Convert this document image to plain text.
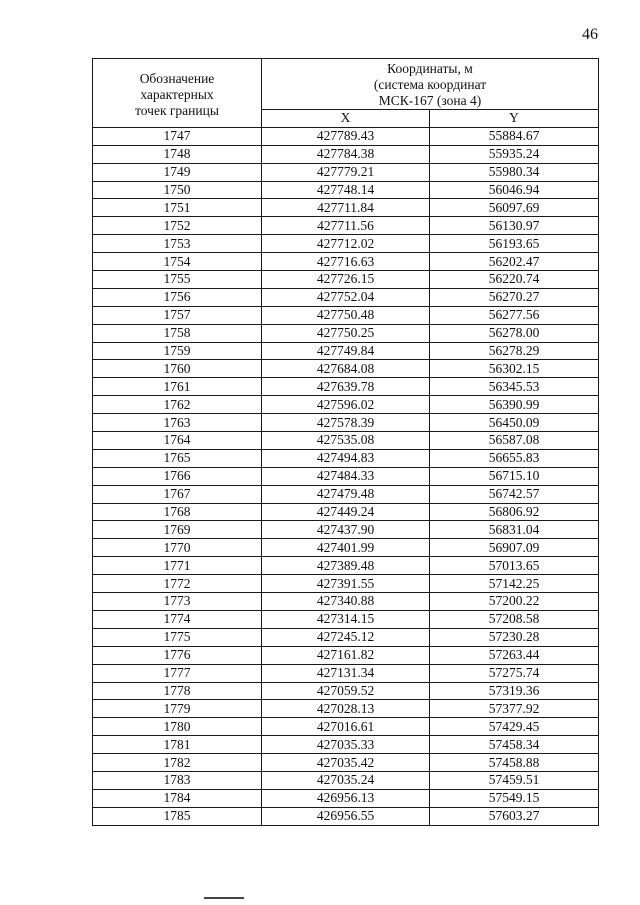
46
Обозначение
характерных
точек границы	Координаты, м
(система координат
МСК-167 (зона 4)	

	X	Y
1747	427789.43	55884.67
1748	427784.38	55935.24
1749	427779.21	55980.34
1750	427748.14	56046.94
1751	427711.84	56097.69
1752	427711.56	56130.97
1753	427712.02	56193.65
1754	427716.63	56202.47
1755	427726.15	56220.74
1756	427752.04	56270.27
1757	427750.48	56277.56
1758	427750.25	56278.00
1759	427749.84	56278.29
1760	427684.08	56302.15
1761	427639.78	56345.53
1762	427596.02	56390.99
1763	427578.39	56450.09
1764	427535.08	56587.08
1765	427494.83	56655.83
1766	427484.33	56715.10
1767	427479.48	56742.57
1768	427449.24	56806.92
1769	427437.90	56831.04
1770	427401.99	56907.09
1771	427389.48	57013.65
1772	427391.55	57142.25
1773	427340.88	57200.22
1774	427314.15	57208.58
1775	427245.12	57230.28
1776	427161.82	57263.44
1777	427131.34	57275.74
1778	427059.52	57319.36
1779	427028.13	57377.92
1780	427016.61	57429.45
1781	427035.33	57458.34
1782	427035.42	57458.88
1783	427035.24	57459.51
1784	426956.13	57549.15
1785	426956.55	57603.27
